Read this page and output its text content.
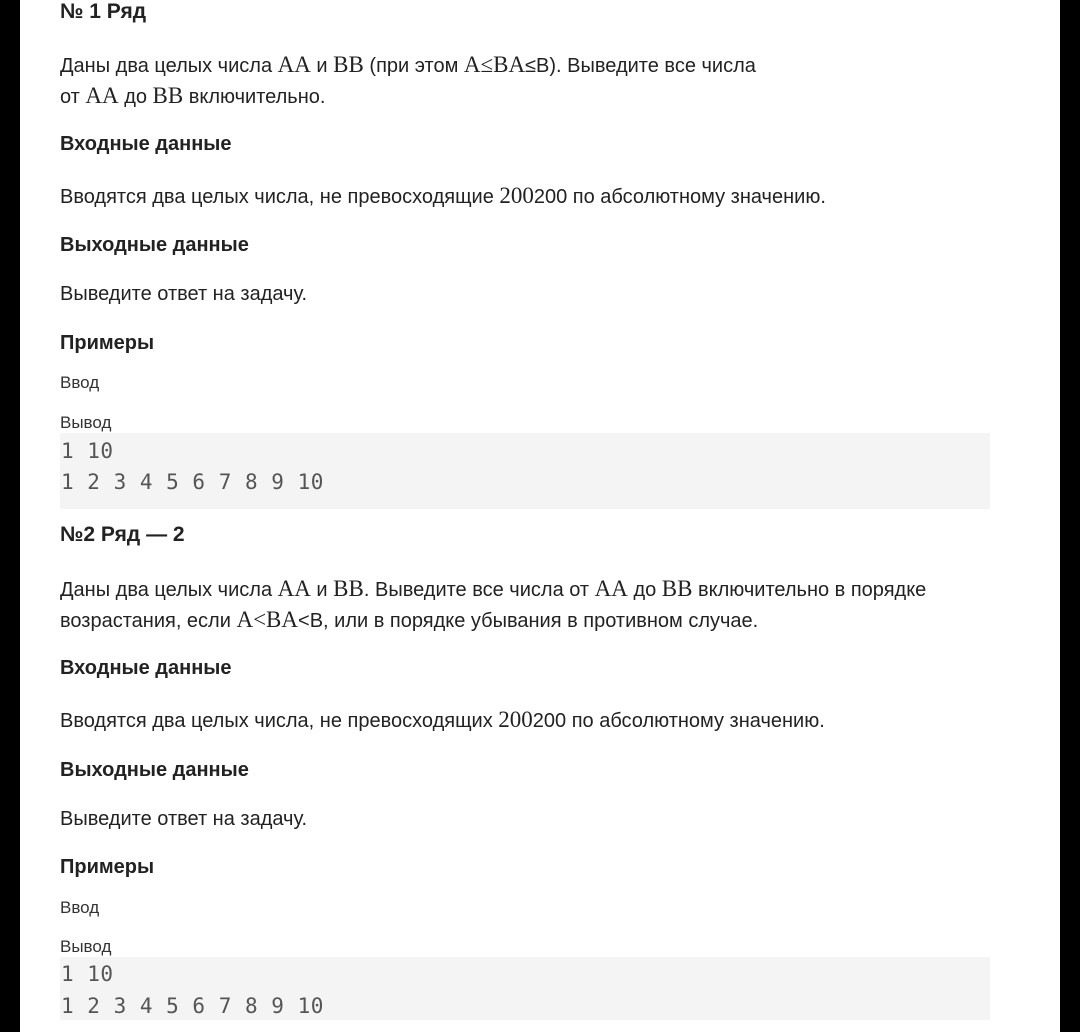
№ 1 Ряд
Даны два целых числа AA и BB (при этом A≤BA≤B). Выведите все числа
от AA до BB включительно.
Входные данные
Вводятся два целых числа, не превосходящие 200200 по абсолютному значению.
Выходные данные
Выведите ответ на задачу.
Примеры
Ввод
Вывод
1 10
1 2 3 4 5 6 7 8 9 10
№2 Ряд — 2
Даны два целых числа AA и BB. Выведите все числа от AA до BB включительно в порядке
возрастания, если A<BA<B, или в порядке убывания в противном случае.
Входные данные
Вводятся два целых числа, не превосходящих 200200 по абсолютному значению.
Выходные данные
Выведите ответ на задачу.
Примеры
Ввод
Вывод
1 10
1 2 3 4 5 6 7 8 9 10
